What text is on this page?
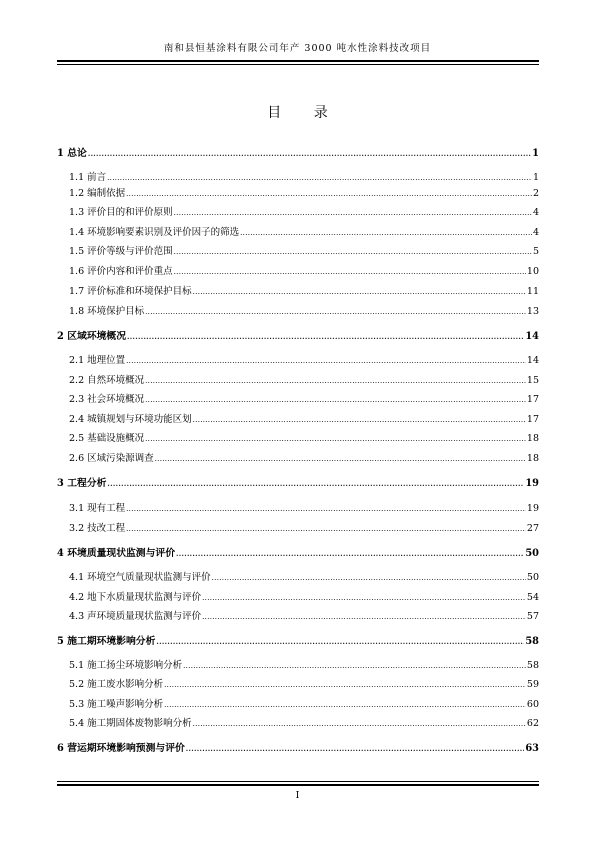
南和县恒基涂料有限公司年产 3000 吨水性涂料技改项目
目 录
1 总论 .....	1
1.1 前言 .....	1
1.2 编制依据 .....	2
1.3 评价目的和评价原则 .....	4
1.4 环境影响要素识别及评价因子的筛选 .....	4
1.5 评价等级与评价范围 .....	5
1.6 评价内容和评价重点 .....	10
1.7 评价标准和环境保护目标 .....	11
1.8 环境保护目标 .....	13
2 区域环境概况 .....	14
2.1 地理位置 .....	14
2.2 自然环境概况 .....	15
2.3 社会环境概况 .....	17
2.4 城镇规划与环境功能区划 .....	17
2.5 基础设施概况 .....	18
2.6 区域污染源调查 .....	18
3 工程分析 .....	19
3.1 现有工程 .....	19
3.2 技改工程 .....	27
4 环境质量现状监测与评价 .....	50
4.1 环境空气质量现状监测与评价 .....	50
4.2 地下水质量现状监测与评价 .....	54
4.3 声环境质量现状监测与评价 .....	57
5 施工期环境影响分析 .....	58
5.1 施工扬尘环境影响分析 .....	58
5.2 施工废水影响分析 .....	59
5.3 施工噪声影响分析 .....	60
5.4 施工期固体废物影响分析 .....	62
6 营运期环境影响预测与评价 .....	63
I
